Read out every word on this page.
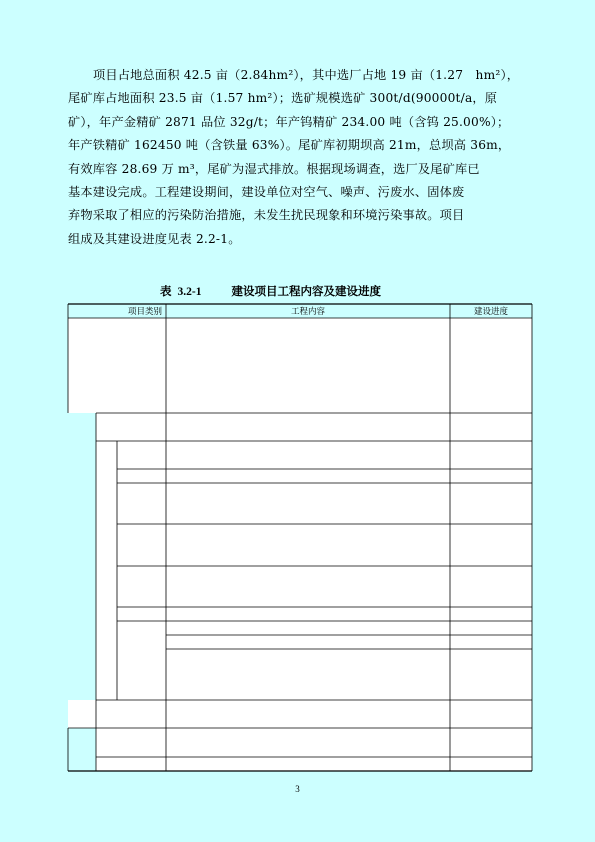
项目占地总面积 42.5 亩（2.84hm²），其中选厂占地 19 亩（1.27　hm²），
尾矿库占地面积 23.5 亩（1.57 hm²）；选矿规模选矿 300t/d(90000t/a，原
矿），年产金精矿 2871 品位 32g/t；年产钨精矿 234.00 吨（含钨 25.00%）；
年产铁精矿 162450 吨（含铁量 63%）。尾矿库初期坝高 21m，总坝高 36m，
有效库容 28.69 万 m³，尾矿为湿式排放。根据现场调查，选厂及尾矿库已
基本建设完成。工程建设期间，建设单位对空气、噪声、污废水、固体废
弃物采取了相应的污染防治措施，未发生扰民现象和环境污染事故。项目
组成及其建设进度见表 2.2-1。
表 3.2-1	建设项目工程内容及建设进度
项目类别	工程内容	建设进度
3
